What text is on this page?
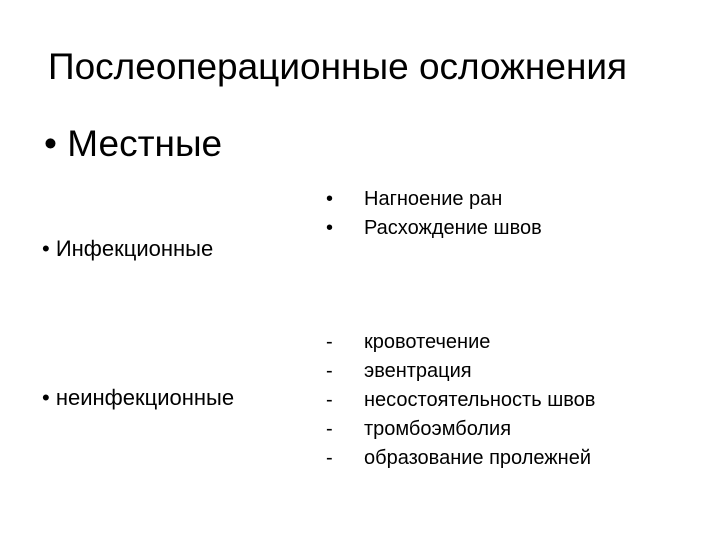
Послеоперационные осложнения
• Местные
• Инфекционные
• Нагноение ран
• Расхождение швов
• неинфекционные
- кровотечение
- эвентрация
- несостоятельность швов
- тромбоэмболия
- образование пролежней
